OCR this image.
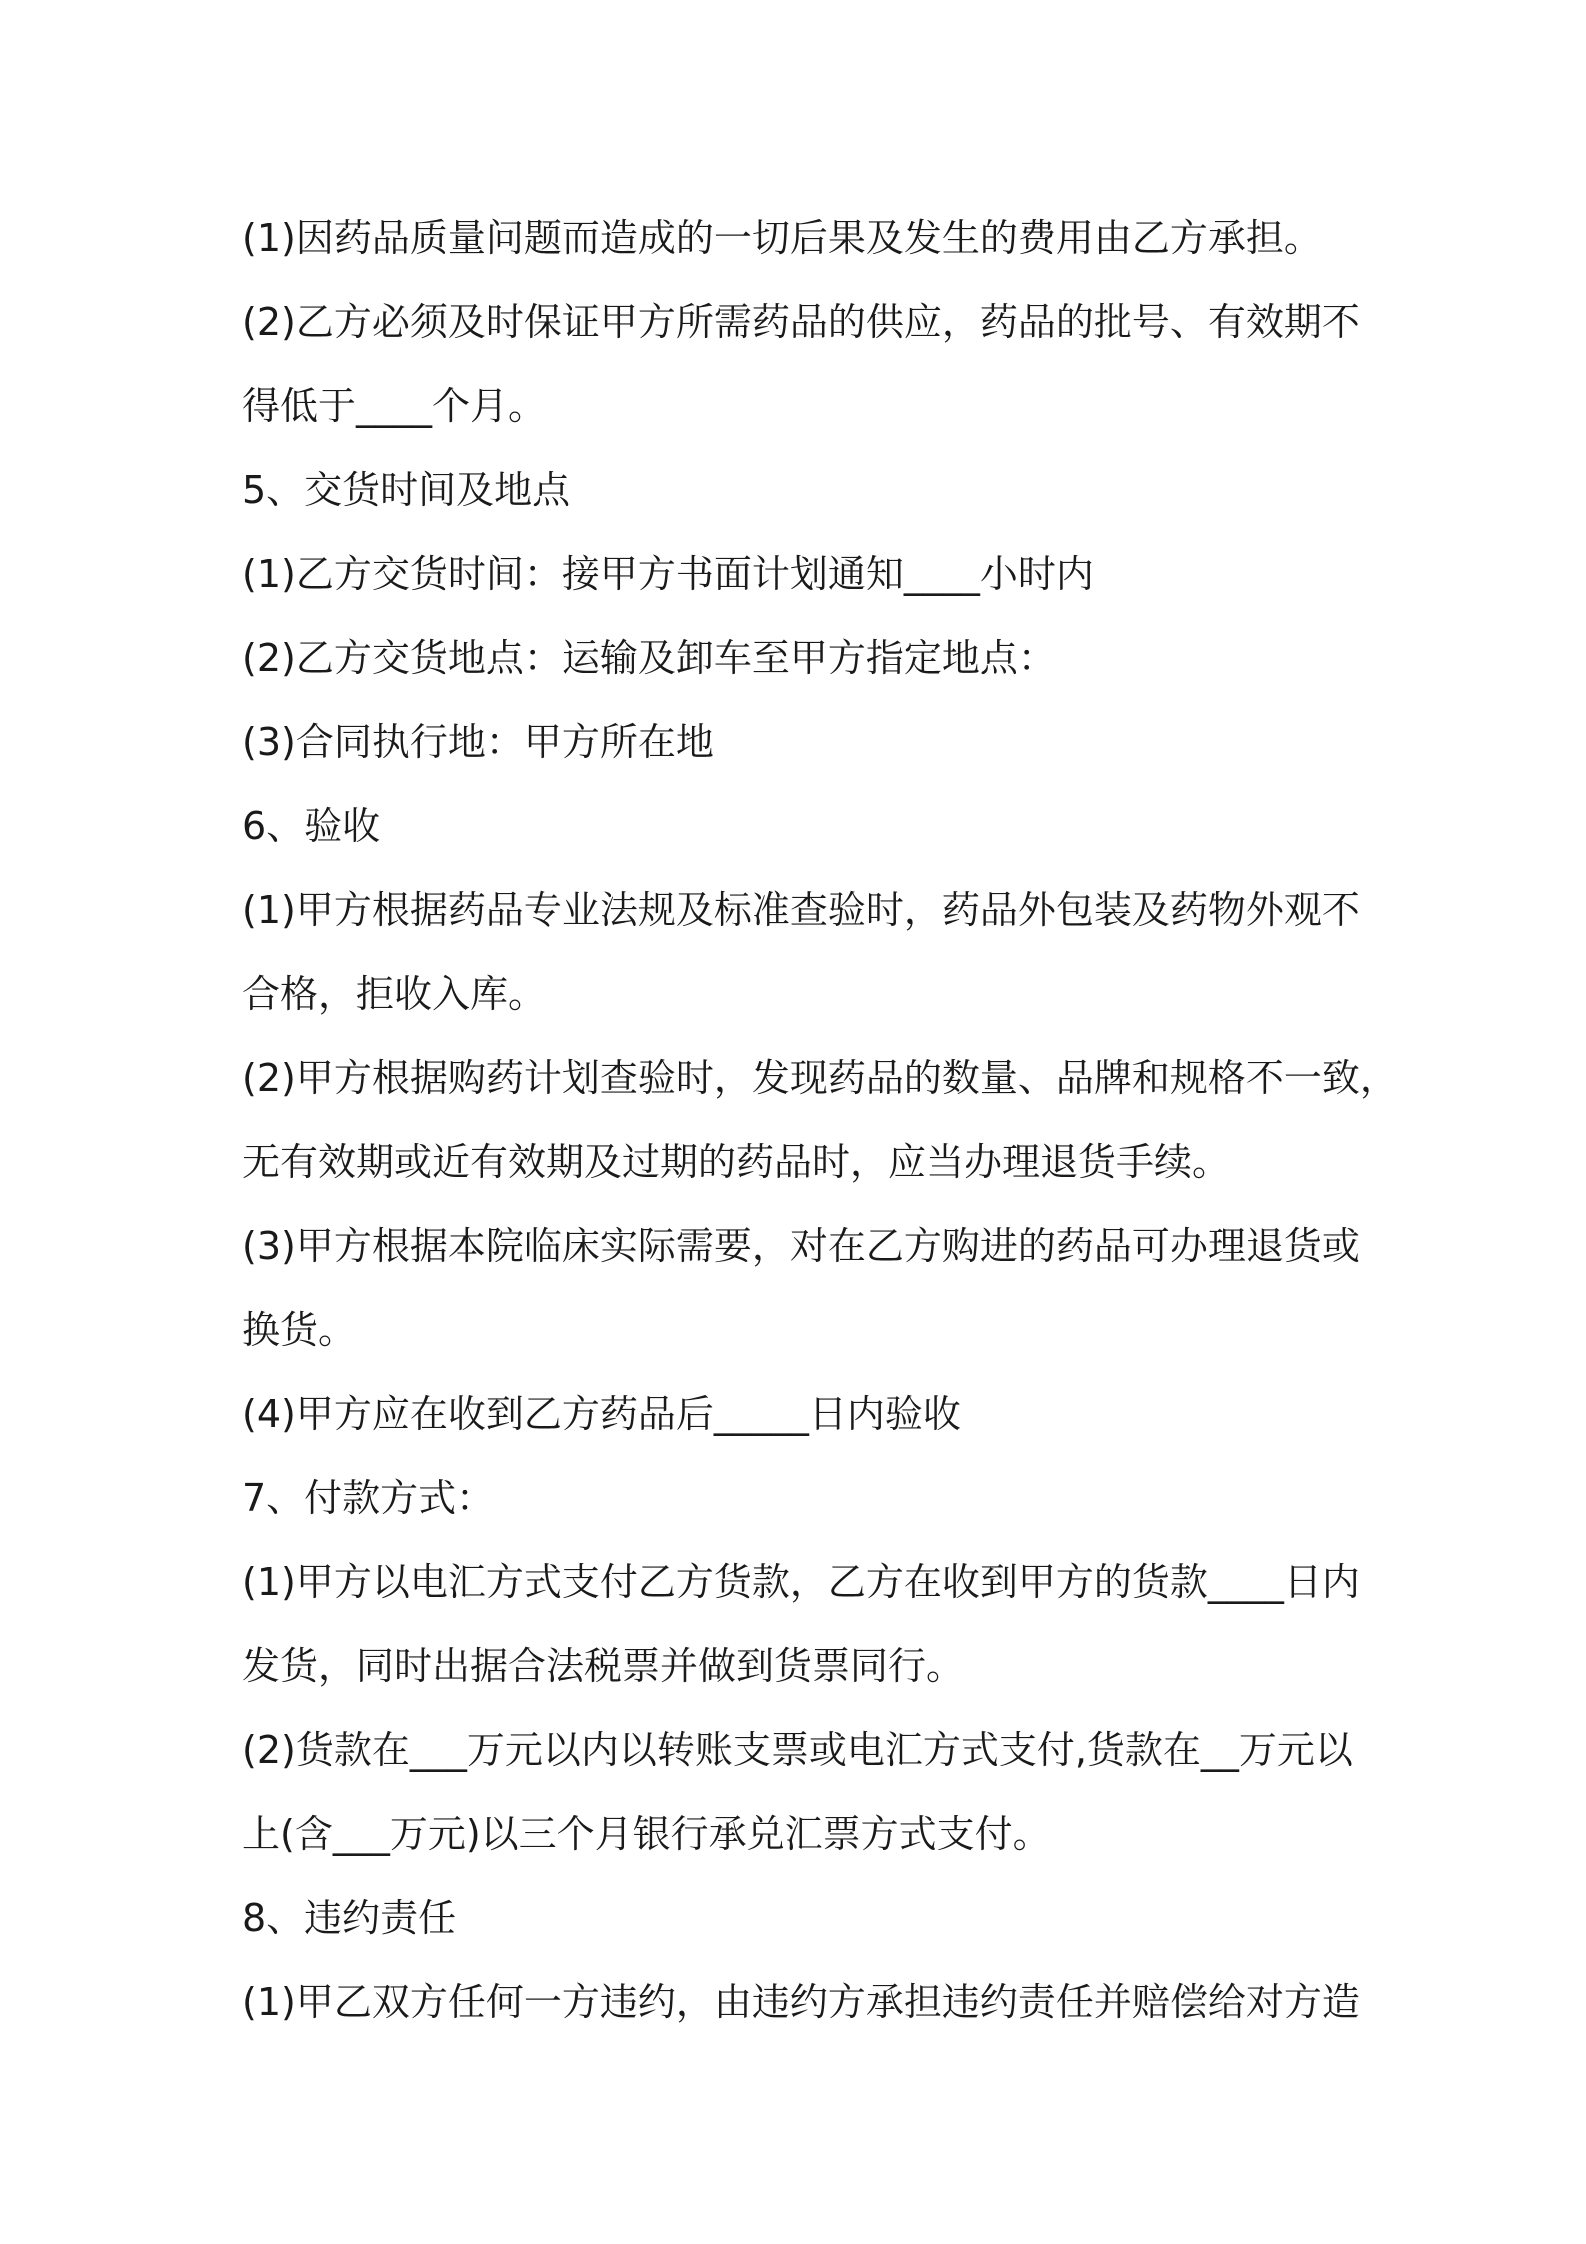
(1)因药品质量问题而造成的一切后果及发生的费用由乙方承担。

(2)乙方必须及时保证甲方所需药品的供应，药品的批号、有效期不

得低于____个月。

5、交货时间及地点

(1)乙方交货时间：接甲方书面计划通知____小时内

(2)乙方交货地点：运输及卸车至甲方指定地点：

(3)合同执行地：甲方所在地

6、验收

(1)甲方根据药品专业法规及标准查验时，药品外包装及药物外观不

合格，拒收入库。

(2)甲方根据购药计划查验时，发现药品的数量、品牌和规格不一致，

无有效期或近有效期及过期的药品时，应当办理退货手续。

(3)甲方根据本院临床实际需要，对在乙方购进的药品可办理退货或

换货。

(4)甲方应在收到乙方药品后_____日内验收

7、付款方式：

(1)甲方以电汇方式支付乙方货款，乙方在收到甲方的货款____日内

发货，同时出据合法税票并做到货票同行。

(2)货款在___万元以内以转账支票或电汇方式支付,货款在__万元以

上(含___万元)以三个月银行承兑汇票方式支付。

8、违约责任

(1)甲乙双方任何一方违约，由违约方承担违约责任并赔偿给对方造
